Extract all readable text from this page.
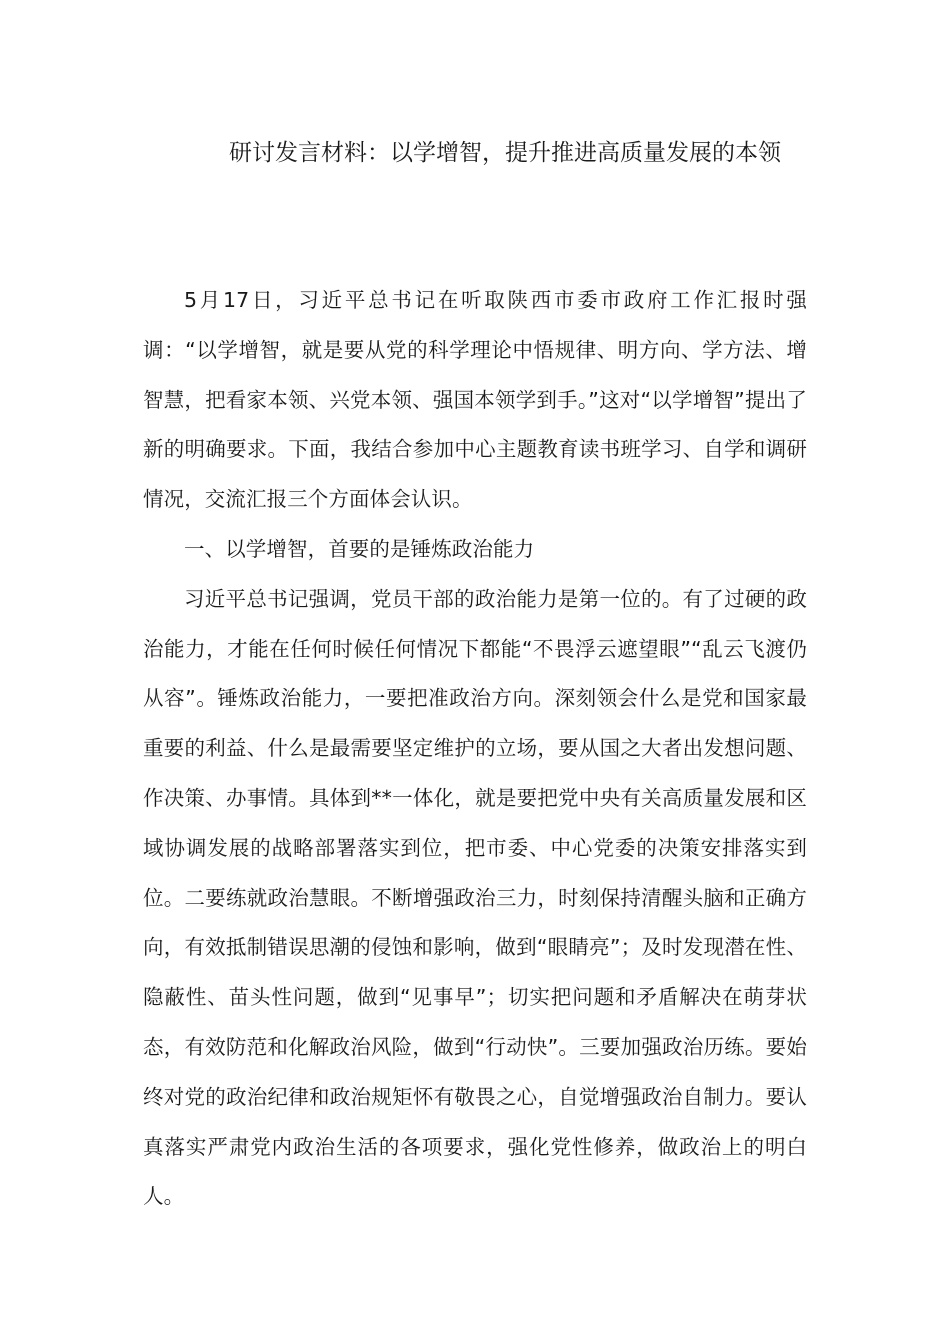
研讨发言材料：以学增智，提升推进高质量发展的本领

5月17日，习近平总书记在听取陕西市委市政府工作汇报时强调：“以学增智，就是要从党的科学理论中悟规律、明方向、学方法、增智慧，把看家本领、兴党本领、强国本领学到手。”这对“以学增智”提出了新的明确要求。下面，我结合参加中心主题教育读书班学习、自学和调研情况，交流汇报三个方面体会认识。

一、以学增智，首要的是锤炼政治能力

习近平总书记强调，党员干部的政治能力是第一位的。有了过硬的政治能力，才能在任何时候任何情况下都能“不畏浮云遮望眼”“乱云飞渡仍从容”。锤炼政治能力，一要把准政治方向。深刻领会什么是党和国家最重要的利益、什么是最需要坚定维护的立场，要从国之大者出发想问题、作决策、办事情。具体到**一体化，就是要把党中央有关高质量发展和区域协调发展的战略部署落实到位，把市委、中心党委的决策安排落实到位。二要练就政治慧眼。不断增强政治三力，时刻保持清醒头脑和正确方向，有效抵制错误思潮的侵蚀和影响，做到“眼睛亮”；及时发现潜在性、隐蔽性、苗头性问题，做到“见事早”；切实把问题和矛盾解决在萌芽状态，有效防范和化解政治风险，做到“行动快”。三要加强政治历练。要始终对党的政治纪律和政治规矩怀有敬畏之心，自觉增强政治自制力。要认真落实严肃党内政治生活的各项要求，强化党性修养，做政治上的明白人。
